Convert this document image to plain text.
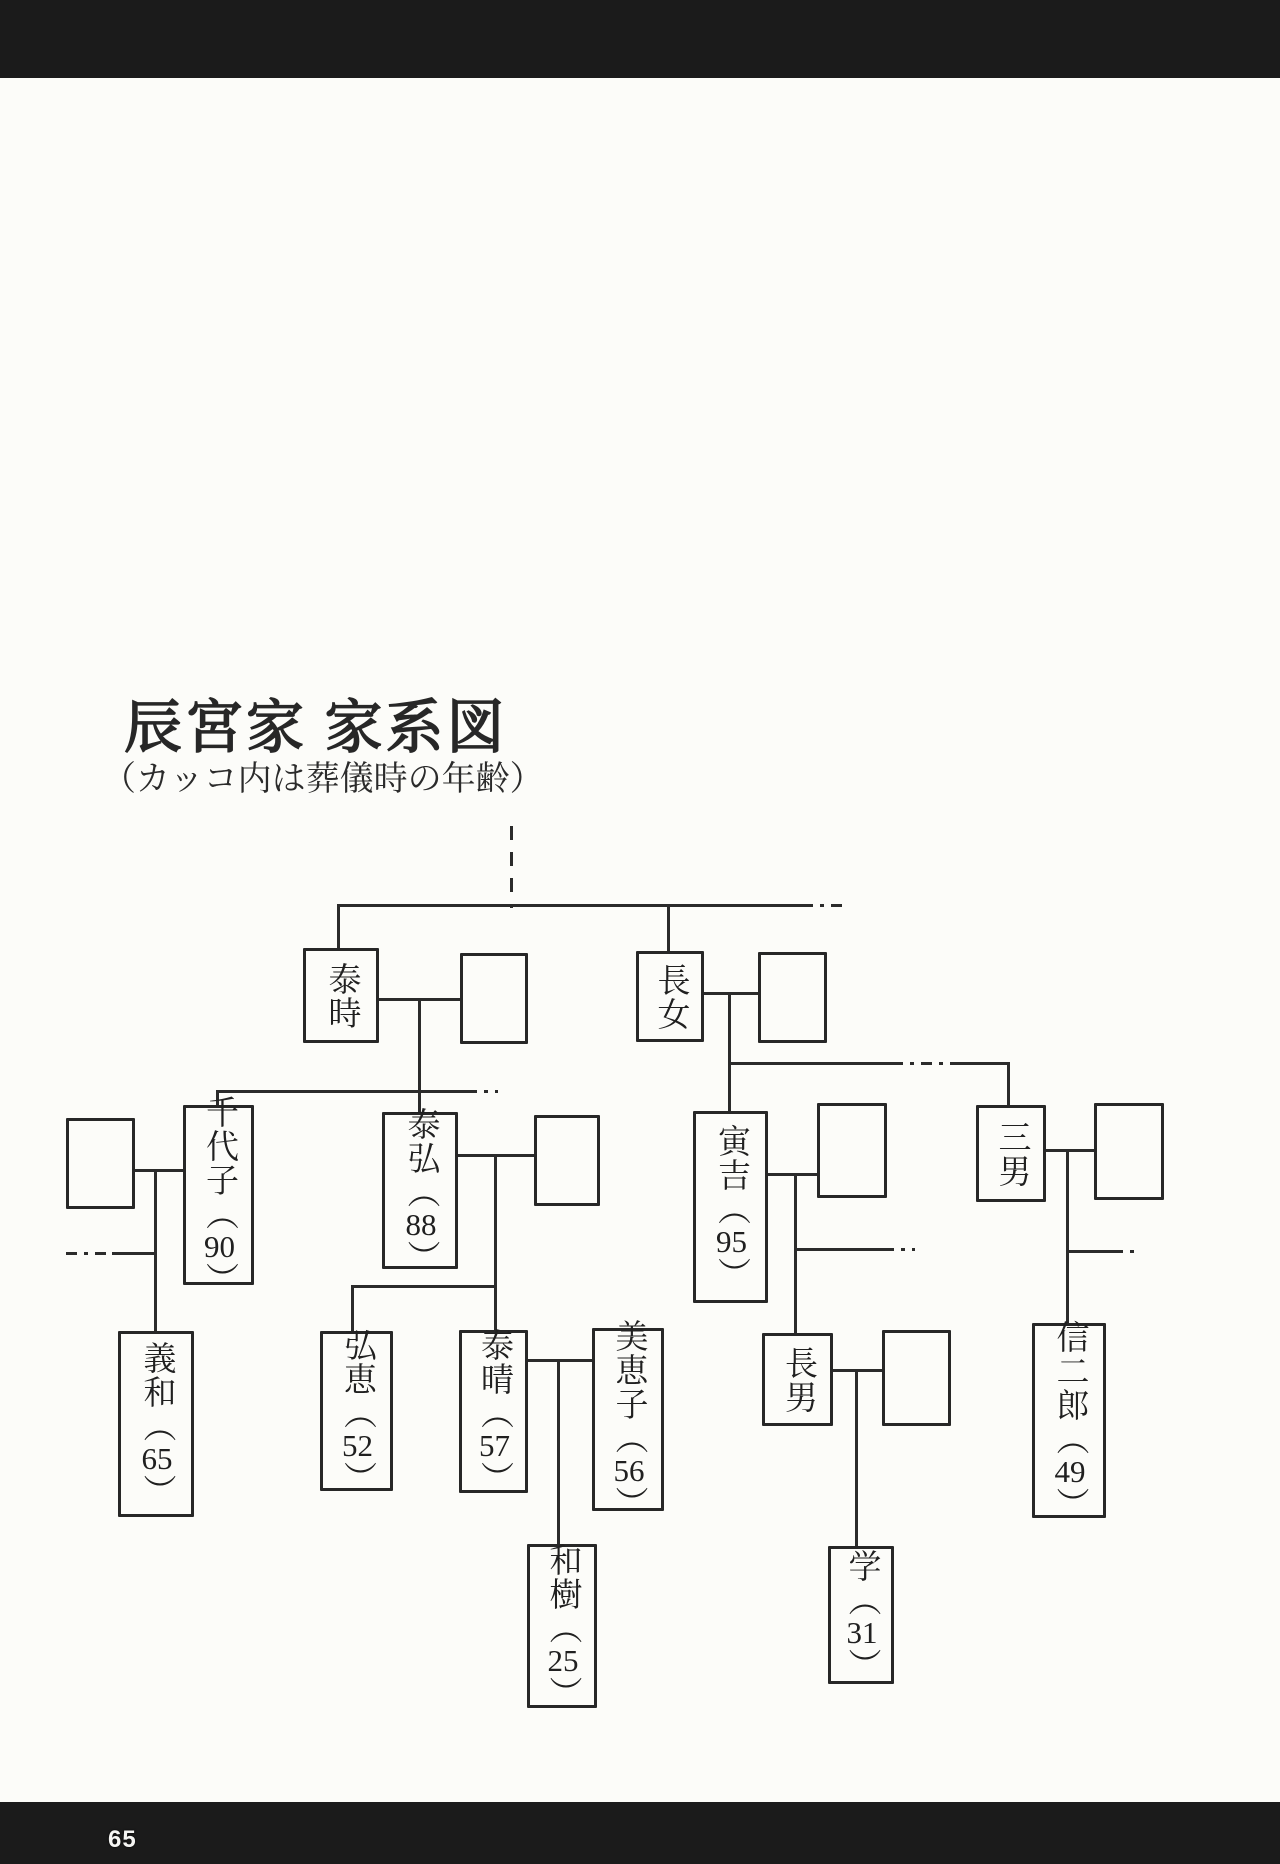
辰宮家 家系図
（カッコ内は葬儀時の年齢）
泰時	長女
千代子（90）
泰弘（88）
義和（65）
弘恵（52）
泰晴（57）
美恵子（56）
和樹（25）
寅吉（95）
長男
学（31）
三男
信二郎（49）
65
